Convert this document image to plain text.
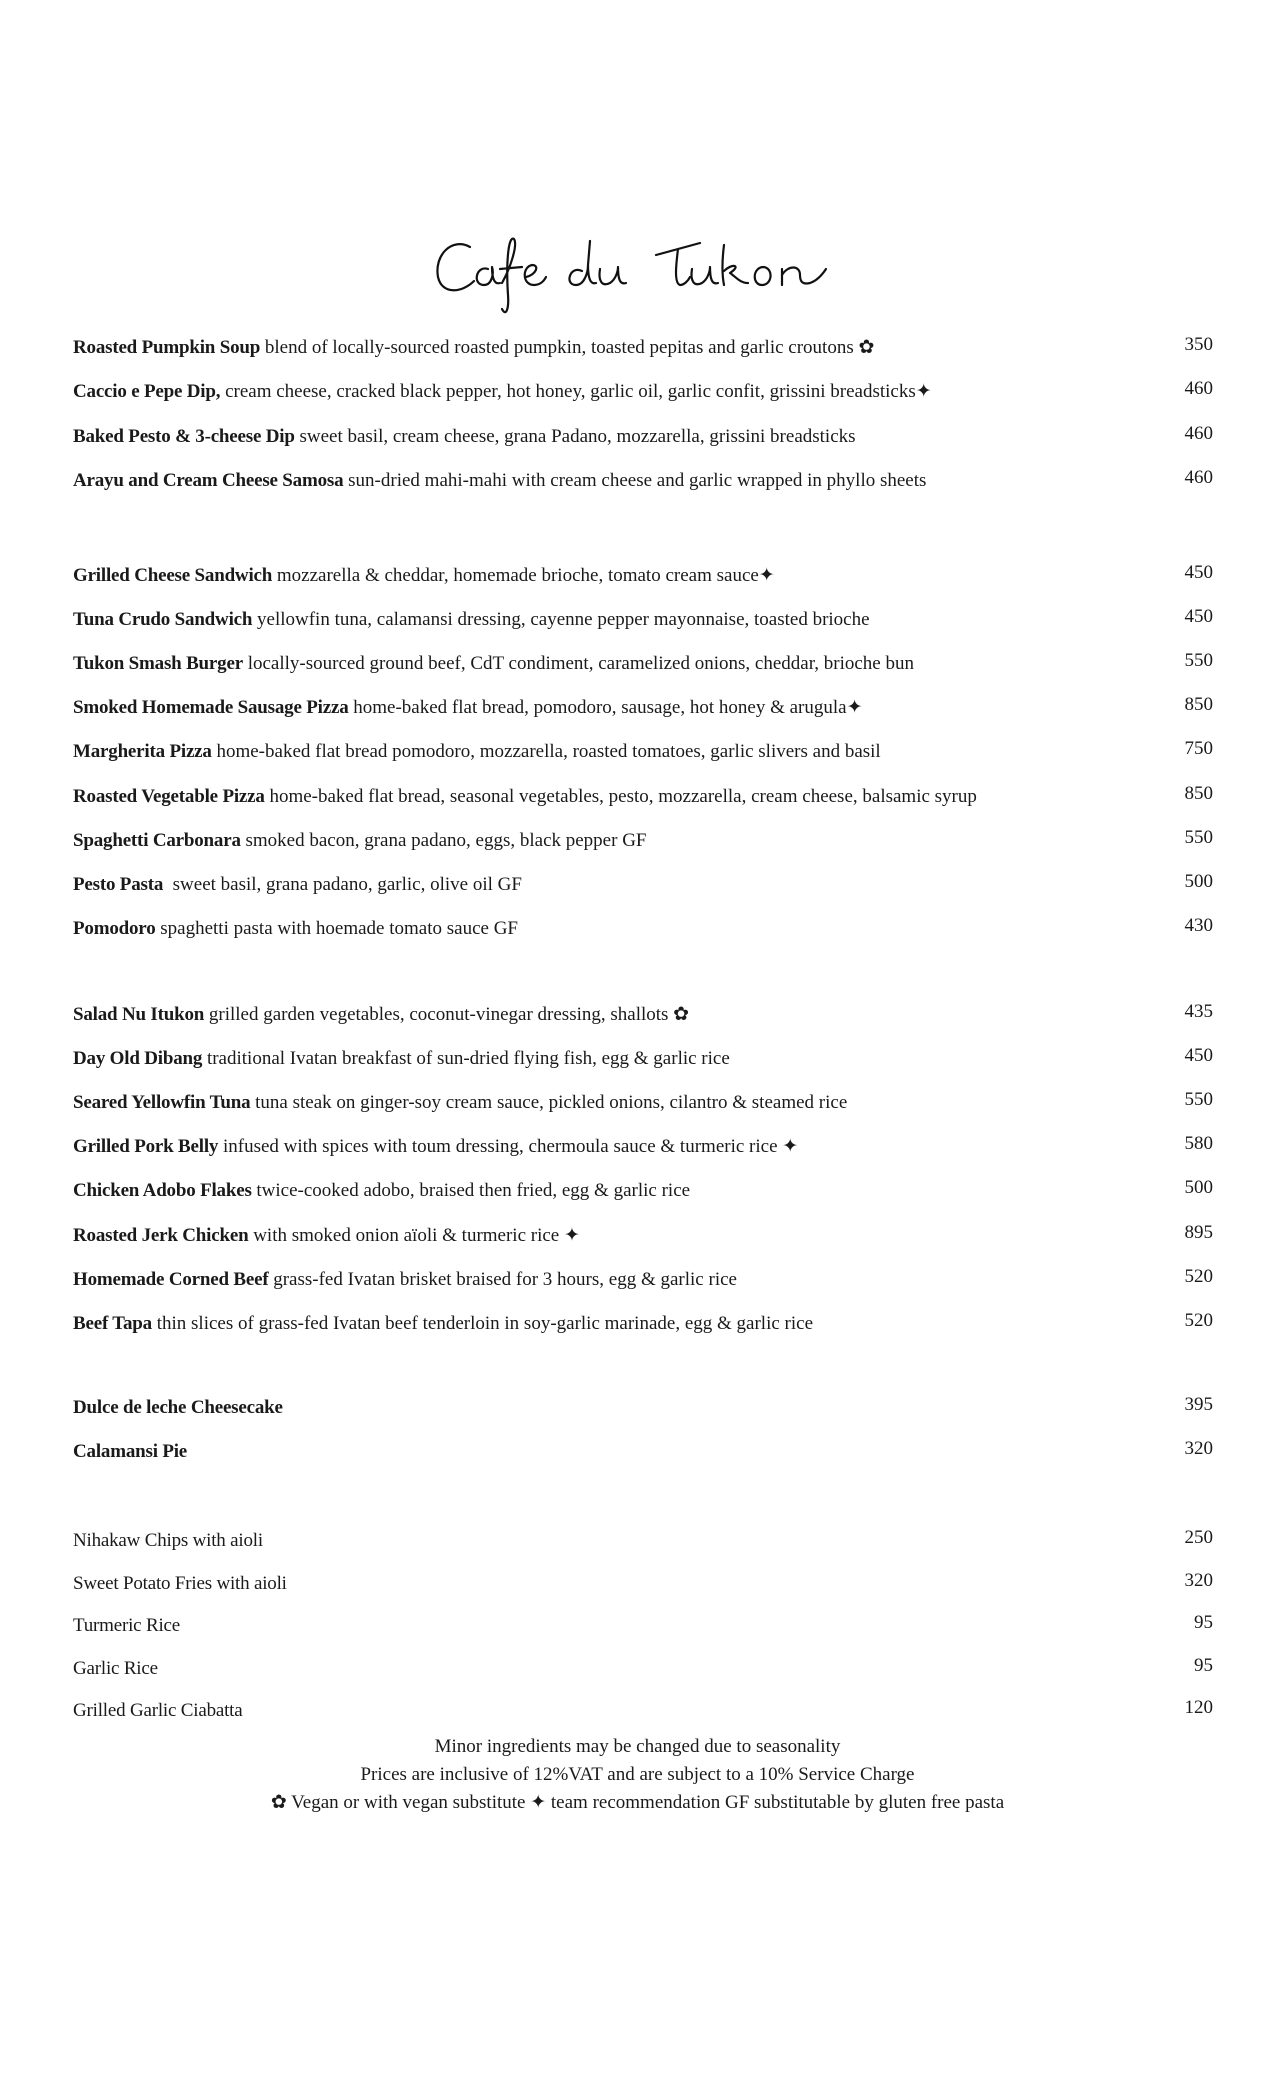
Roasted Pumpkin Soup blend of locally-sourced roasted pumpkin, toasted pepitas and garlic croutons ✿	350
Caccio e Pepe Dip, cream cheese, cracked black pepper, hot honey, garlic oil, garlic confit, grissini breadsticks✦	460
Baked Pesto & 3-cheese Dip sweet basil, cream cheese, grana Padano, mozzarella, grissini breadsticks	460
Arayu and Cream Cheese Samosa sun-dried mahi-mahi with cream cheese and garlic wrapped in phyllo sheets	460
Grilled Cheese Sandwich mozzarella & cheddar, homemade brioche, tomato cream sauce✦	450
Tuna Crudo Sandwich yellowfin tuna, calamansi dressing, cayenne pepper mayonnaise, toasted brioche	450
Tukon Smash Burger locally-sourced ground beef, CdT condiment, caramelized onions, cheddar, brioche bun	550
Smoked Homemade Sausage Pizza home-baked flat bread, pomodoro, sausage, hot honey & arugula✦	850
Margherita Pizza home-baked flat bread pomodoro, mozzarella, roasted tomatoes, garlic slivers and basil	750
Roasted Vegetable Pizza home-baked flat bread, seasonal vegetables, pesto, mozzarella, cream cheese, balsamic syrup	850
Spaghetti Carbonara smoked bacon, grana padano, eggs, black pepper GF	550
Pesto Pasta  sweet basil, grana padano, garlic, olive oil GF	500
Pomodoro spaghetti pasta with hoemade tomato sauce GF	430
Salad Nu Itukon grilled garden vegetables, coconut-vinegar dressing, shallots ✿	435
Day Old Dibang traditional Ivatan breakfast of sun-dried flying fish, egg & garlic rice	450
Seared Yellowfin Tuna tuna steak on ginger-soy cream sauce, pickled onions, cilantro & steamed rice	550
Grilled Pork Belly infused with spices with toum dressing, chermoula sauce & turmeric rice ✦	580
Chicken Adobo Flakes twice-cooked adobo, braised then fried, egg & garlic rice	500
Roasted Jerk Chicken with smoked onion aïoli & turmeric rice ✦	895
Homemade Corned Beef grass-fed Ivatan brisket braised for 3 hours, egg & garlic rice	520
Beef Tapa thin slices of grass-fed Ivatan beef tenderloin in soy-garlic marinade, egg & garlic rice	520
Dulce de leche Cheesecake	395
Calamansi Pie	320
Nihakaw Chips with aioli	250
Sweet Potato Fries with aioli	320
Turmeric Rice	95
Garlic Rice	95
Grilled Garlic Ciabatta	120
Minor ingredients may be changed due to seasonality
Prices are inclusive of 12%VAT and are subject to a 10% Service Charge
✿ Vegan or with vegan substitute ✦ team recommendation GF substitutable by gluten free pasta
